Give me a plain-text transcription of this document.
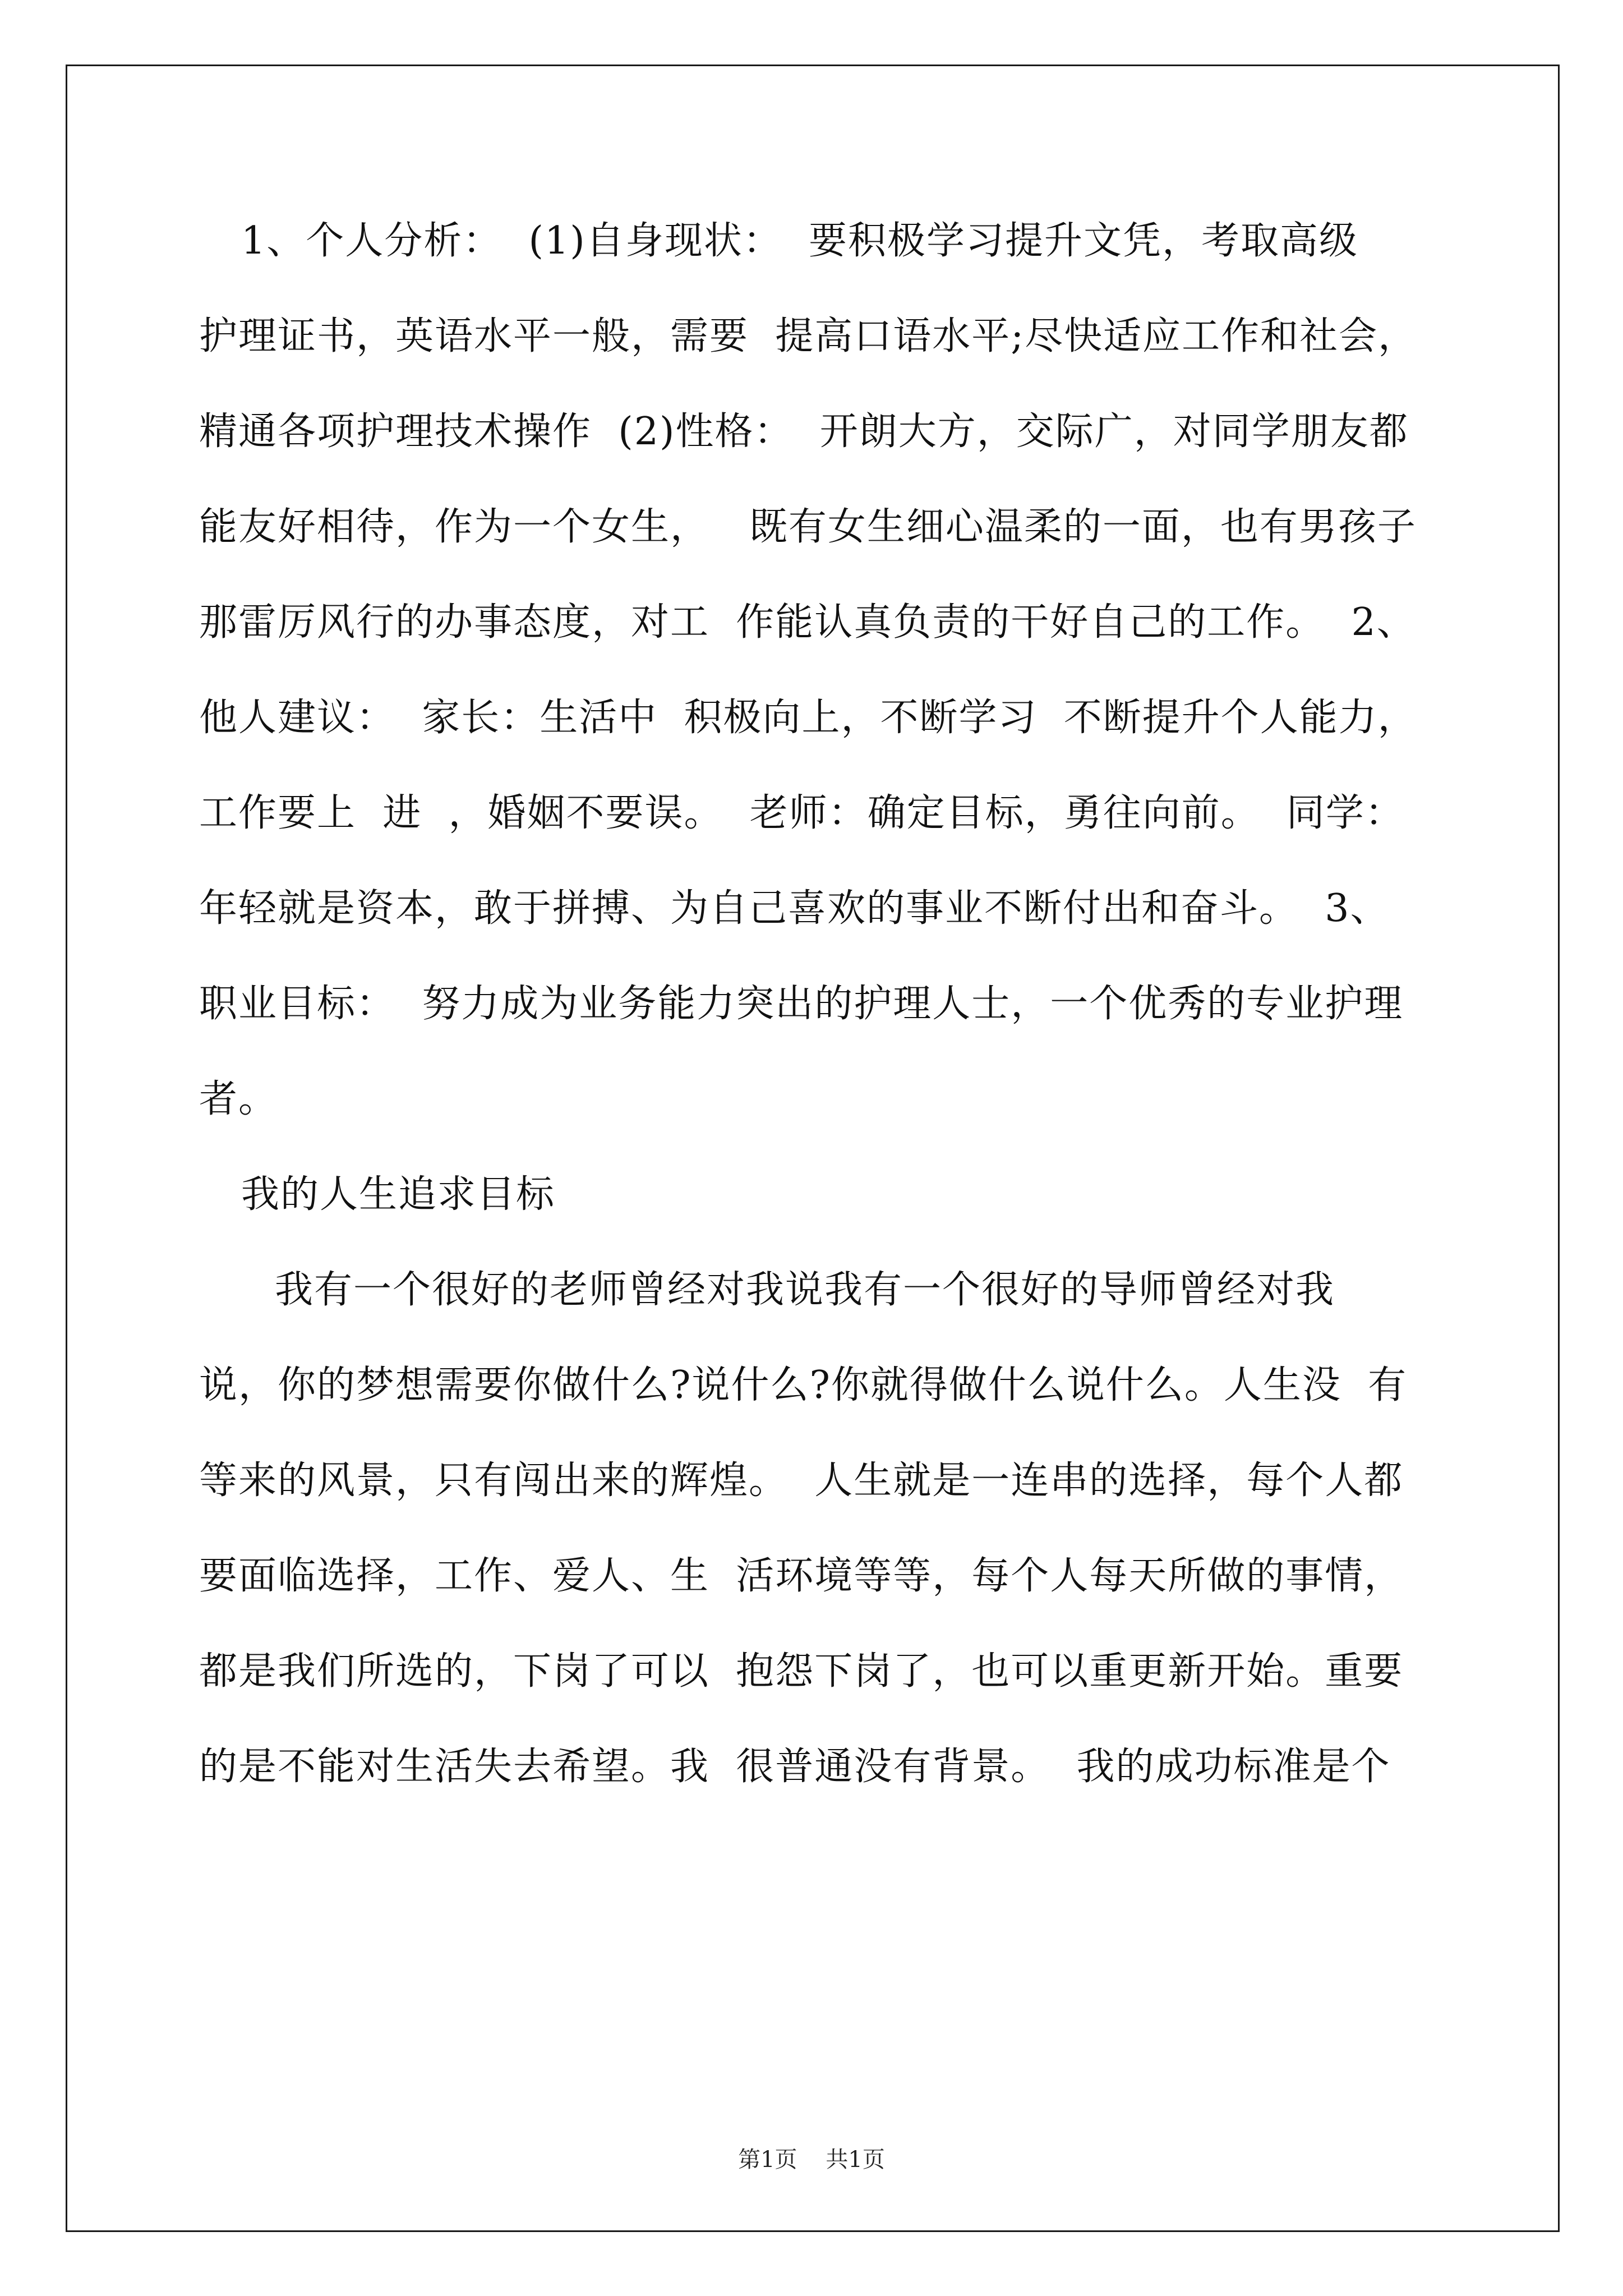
1、个人分析：  (1)自身现状：  要积极学习提升文凭，考取高级
护理证书，英语水平一般，需要  提高口语水平;尽快适应工作和社会，
精通各项护理技术操作  (2)性格：  开朗大方，交际广，对同学朋友都
能友好相待，作为一个女生，   既有女生细心温柔的一面，也有男孩子
那雷厉风行的办事态度，对工  作能认真负责的干好自己的工作。  2、
他人建议：  家长：生活中  积极向上，不断学习  不断提升个人能力，
工作要上  进  ，婚姻不要误。  老师：确定目标，勇往向前。  同学：
年轻就是资本，敢于拼搏、为自己喜欢的事业不断付出和奋斗。  3、
职业目标：  努力成为业务能力突出的护理人士，一个优秀的专业护理
者。
我的人生追求目标
我有一个很好的老师曾经对我说我有一个很好的导师曾经对我
说，你的梦想需要你做什么?说什么?你就得做什么说什么。人生没  有
等来的风景，只有闯出来的辉煌。  人生就是一连串的选择，每个人都
要面临选择，工作、爱人、生  活环境等等，每个人每天所做的事情，
都是我们所选的，下岗了可以  抱怨下岗了，也可以重更新开始。重要
的是不能对生活失去希望。我  很普通没有背景。  我的成功标准是个
第1页 共1页
